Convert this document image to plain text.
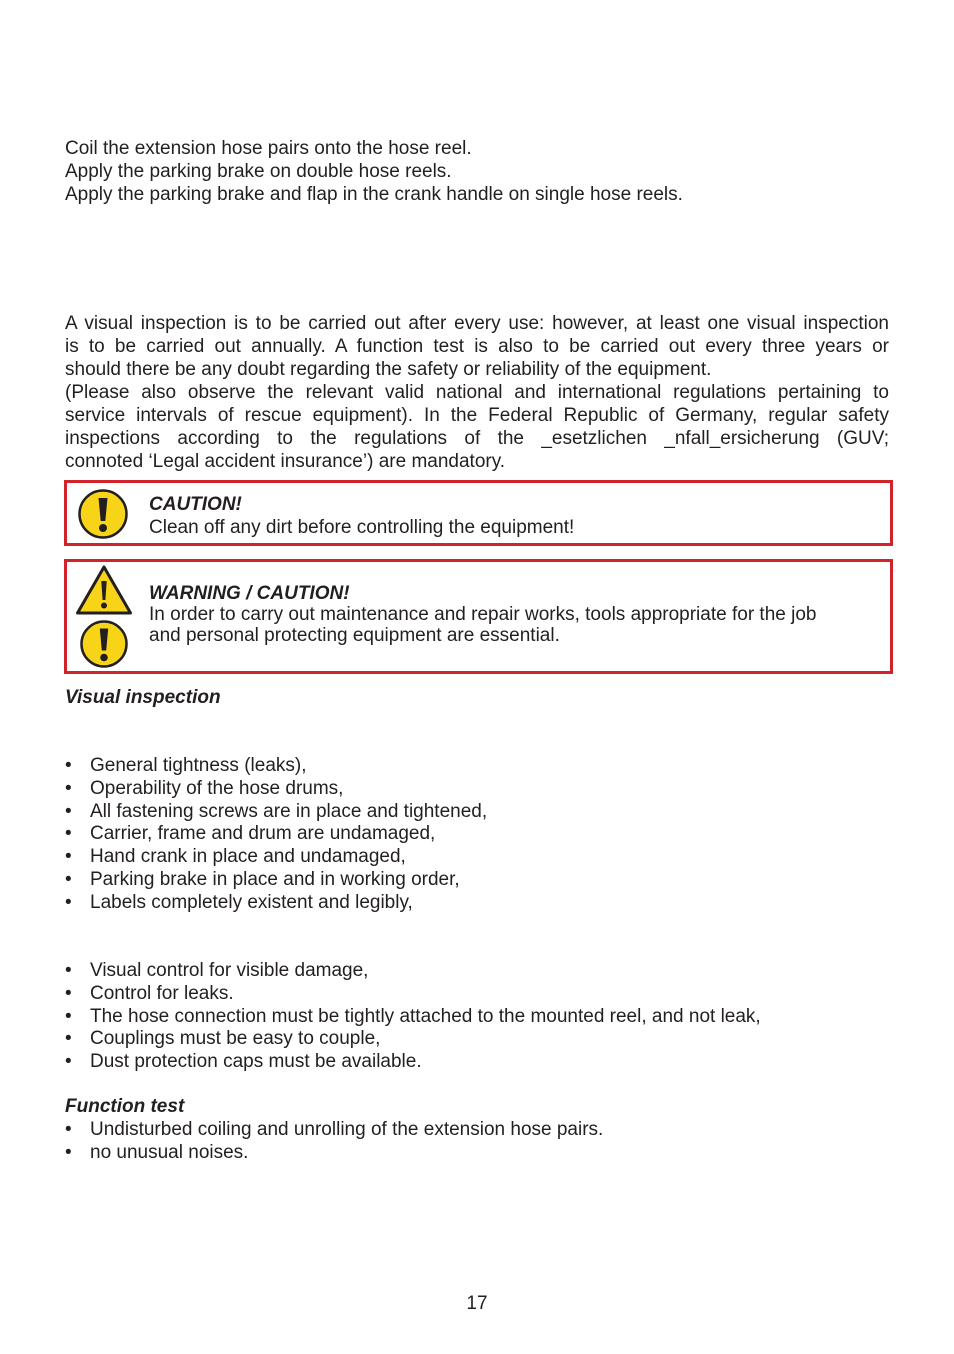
Coil the extension hose pairs onto the hose reel.
Apply the parking brake on double hose reels.
Apply the parking brake and flap in the crank handle on single hose reels.
A visual inspection is to be carried out after every use: however, at least one visual inspection
is to be carried out annually. A function test is also to be carried out every three years or
should there be any doubt regarding the safety or reliability of the equipment.
(Please also observe the relevant valid national and international regulations pertaining to
service intervals of rescue equipment). In the Federal Republic of Germany, regular safety
inspections according to the regulations of the _esetzlichen _nfall_ersicherung (GUV;
connoted ‘Legal accident insurance’) are mandatory.
CAUTION!
Clean off any dirt before controlling the equipment!
WARNING / CAUTION!
In order to carry out maintenance and repair works, tools appropriate for the job
and personal protecting equipment are essential.
Visual inspection
• General tightness (leaks),
• Operability of the hose drums,
• All fastening screws are in place and tightened,
• Carrier, frame and drum are undamaged,
• Hand crank in place and undamaged,
• Parking brake in place and in working order,
• Labels completely existent and legibly,
• Visual control for visible damage,
• Control for leaks.
• The hose connection must be tightly attached to the mounted reel, and not leak,
• Couplings must be easy to couple,
• Dust protection caps must be available.
Function test
• Undisturbed coiling and unrolling of the extension hose pairs.
• no unusual noises.
17
